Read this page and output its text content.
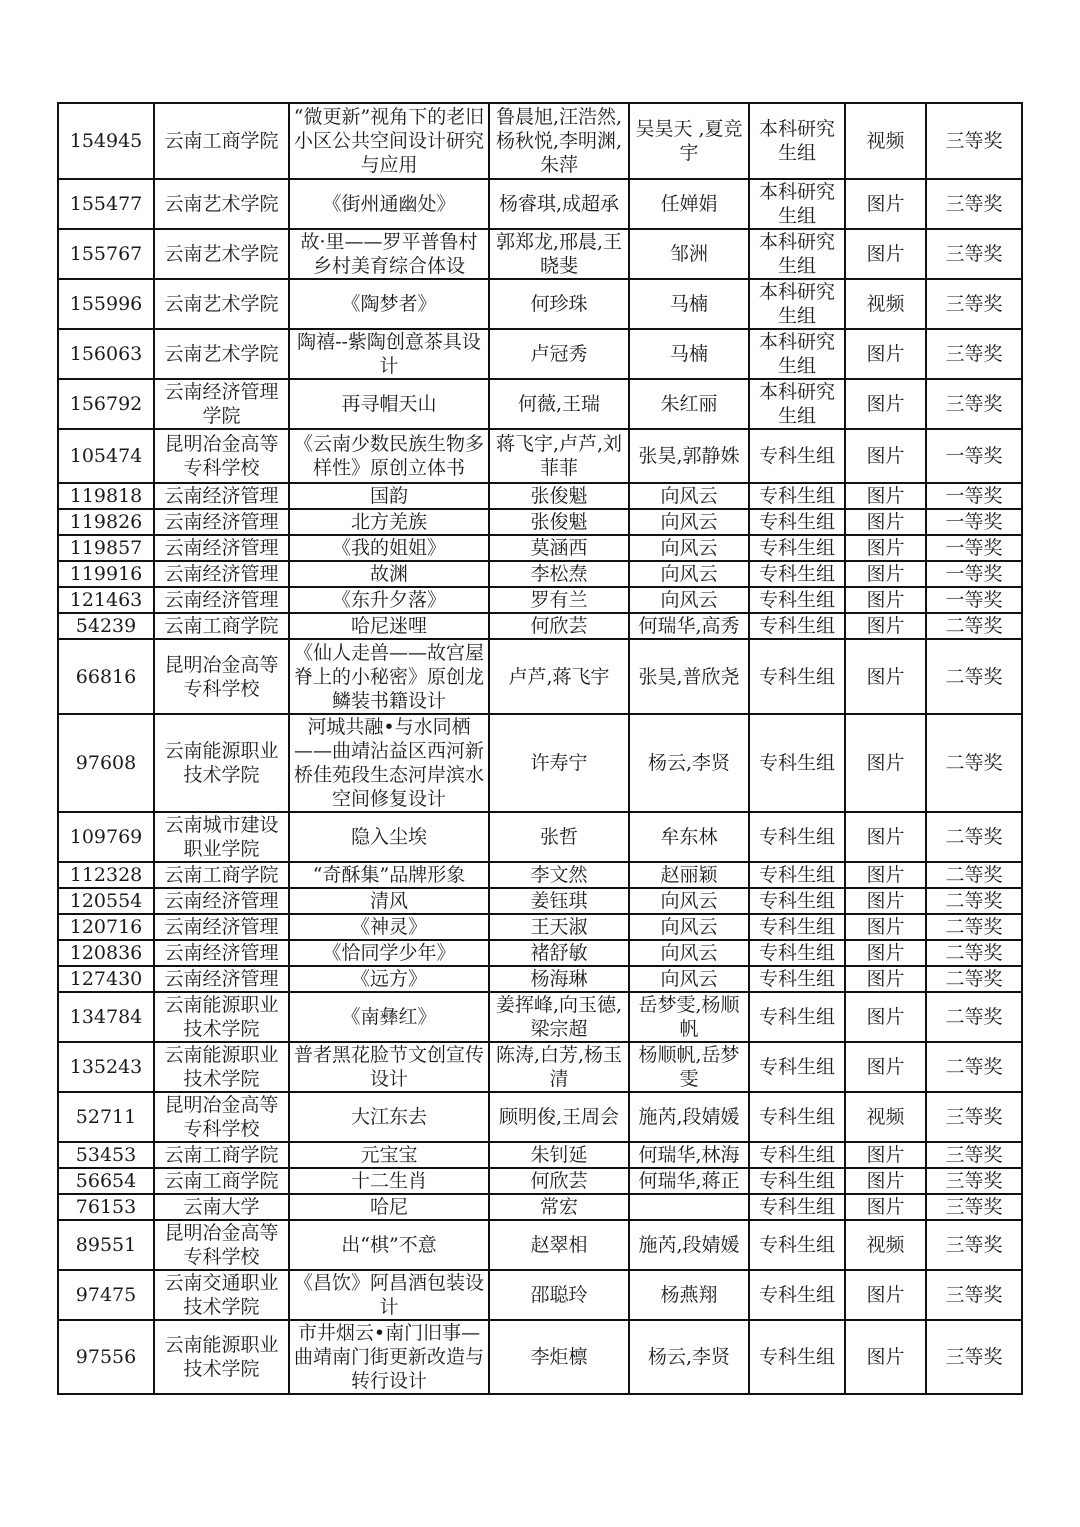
154945	云南工商学院	“微更新”视角下的老旧小区公共空间设计研究与应用	鲁晨旭,汪浩然,杨秋悦,李明渊,朱萍	吴昊天 ,夏竞宇	本科研究生组	视频	三等奖
155477	云南艺术学院	《街州通幽处》	杨睿琪,成超承	任婵娟	本科研究生组	图片	三等奖
155767	云南艺术学院	故·里——罗平普鲁村乡村美育综合体设	郭郑龙,邢晨,王晓斐	邹洲	本科研究生组	图片	三等奖
155996	云南艺术学院	《陶梦者》	何珍珠	马楠	本科研究生组	视频	三等奖
156063	云南艺术学院	陶禧--紫陶创意茶具设计	卢冠秀	马楠	本科研究生组	图片	三等奖
156792	云南经济管理学院	再寻帽天山	何薇,王瑞	朱红丽	本科研究生组	图片	三等奖
105474	昆明冶金高等专科学校	《云南少数民族生物多样性》原创立体书	蒋飞宇,卢芦,刘菲菲	张昊,郭静姝	专科生组	图片	一等奖
119818	云南经济管理	国韵	张俊魁	向风云	专科生组	图片	一等奖
119826	云南经济管理	北方羌族	张俊魁	向风云	专科生组	图片	一等奖
119857	云南经济管理	《我的姐姐》	莫涵西	向风云	专科生组	图片	一等奖
119916	云南经济管理	故渊	李松焘	向风云	专科生组	图片	一等奖
121463	云南经济管理	《东升夕落》	罗有兰	向风云	专科生组	图片	一等奖
54239	云南工商学院	哈尼迷哩	何欣芸	何瑞华,高秀	专科生组	图片	二等奖
66816	昆明冶金高等专科学校	《仙人走兽——故宫屋脊上的小秘密》原创龙鳞装书籍设计	卢芦,蒋飞宇	张昊,普欣尧	专科生组	图片	二等奖
97608	云南能源职业技术学院	河城共融•与水同栖——曲靖沾益区西河新桥佳苑段生态河岸滨水空间修复设计	许寿宁	杨云,李贤	专科生组	图片	二等奖
109769	云南城市建设职业学院	隐入尘埃	张哲	牟东林	专科生组	图片	二等奖
112328	云南工商学院	“奇酥集”品牌形象	李文然	赵丽颖	专科生组	图片	二等奖
120554	云南经济管理	清风	姜钰琪	向风云	专科生组	图片	二等奖
120716	云南经济管理	《神灵》	王天淑	向风云	专科生组	图片	二等奖
120836	云南经济管理	《恰同学少年》	褚舒敏	向风云	专科生组	图片	二等奖
127430	云南经济管理	《远方》	杨海琳	向风云	专科生组	图片	二等奖
134784	云南能源职业技术学院	《南彝红》	姜挥峰,向玉德,梁宗超	岳梦雯,杨顺帆	专科生组	图片	二等奖
135243	云南能源职业技术学院	普者黑花脸节文创宣传设计	陈涛,白芳,杨玉清	杨顺帆,岳梦雯	专科生组	图片	二等奖
52711	昆明冶金高等专科学校	大江东去	顾明俊,王周会	施芮,段婧媛	专科生组	视频	三等奖
53453	云南工商学院	元宝宝	朱钊延	何瑞华,林海	专科生组	图片	三等奖
56654	云南工商学院	十二生肖	何欣芸	何瑞华,蒋正	专科生组	图片	三等奖
76153	云南大学	哈尼	常宏		专科生组	图片	三等奖
89551	昆明冶金高等专科学校	出“棋”不意	赵翠相	施芮,段婧媛	专科生组	视频	三等奖
97475	云南交通职业技术学院	《昌饮》阿昌酒包装设计	邵聪玲	杨燕翔	专科生组	图片	三等奖
97556	云南能源职业技术学院	市井烟云•南门旧事—曲靖南门街更新改造与转行设计	李炬檩	杨云,李贤	专科生组	图片	三等奖
